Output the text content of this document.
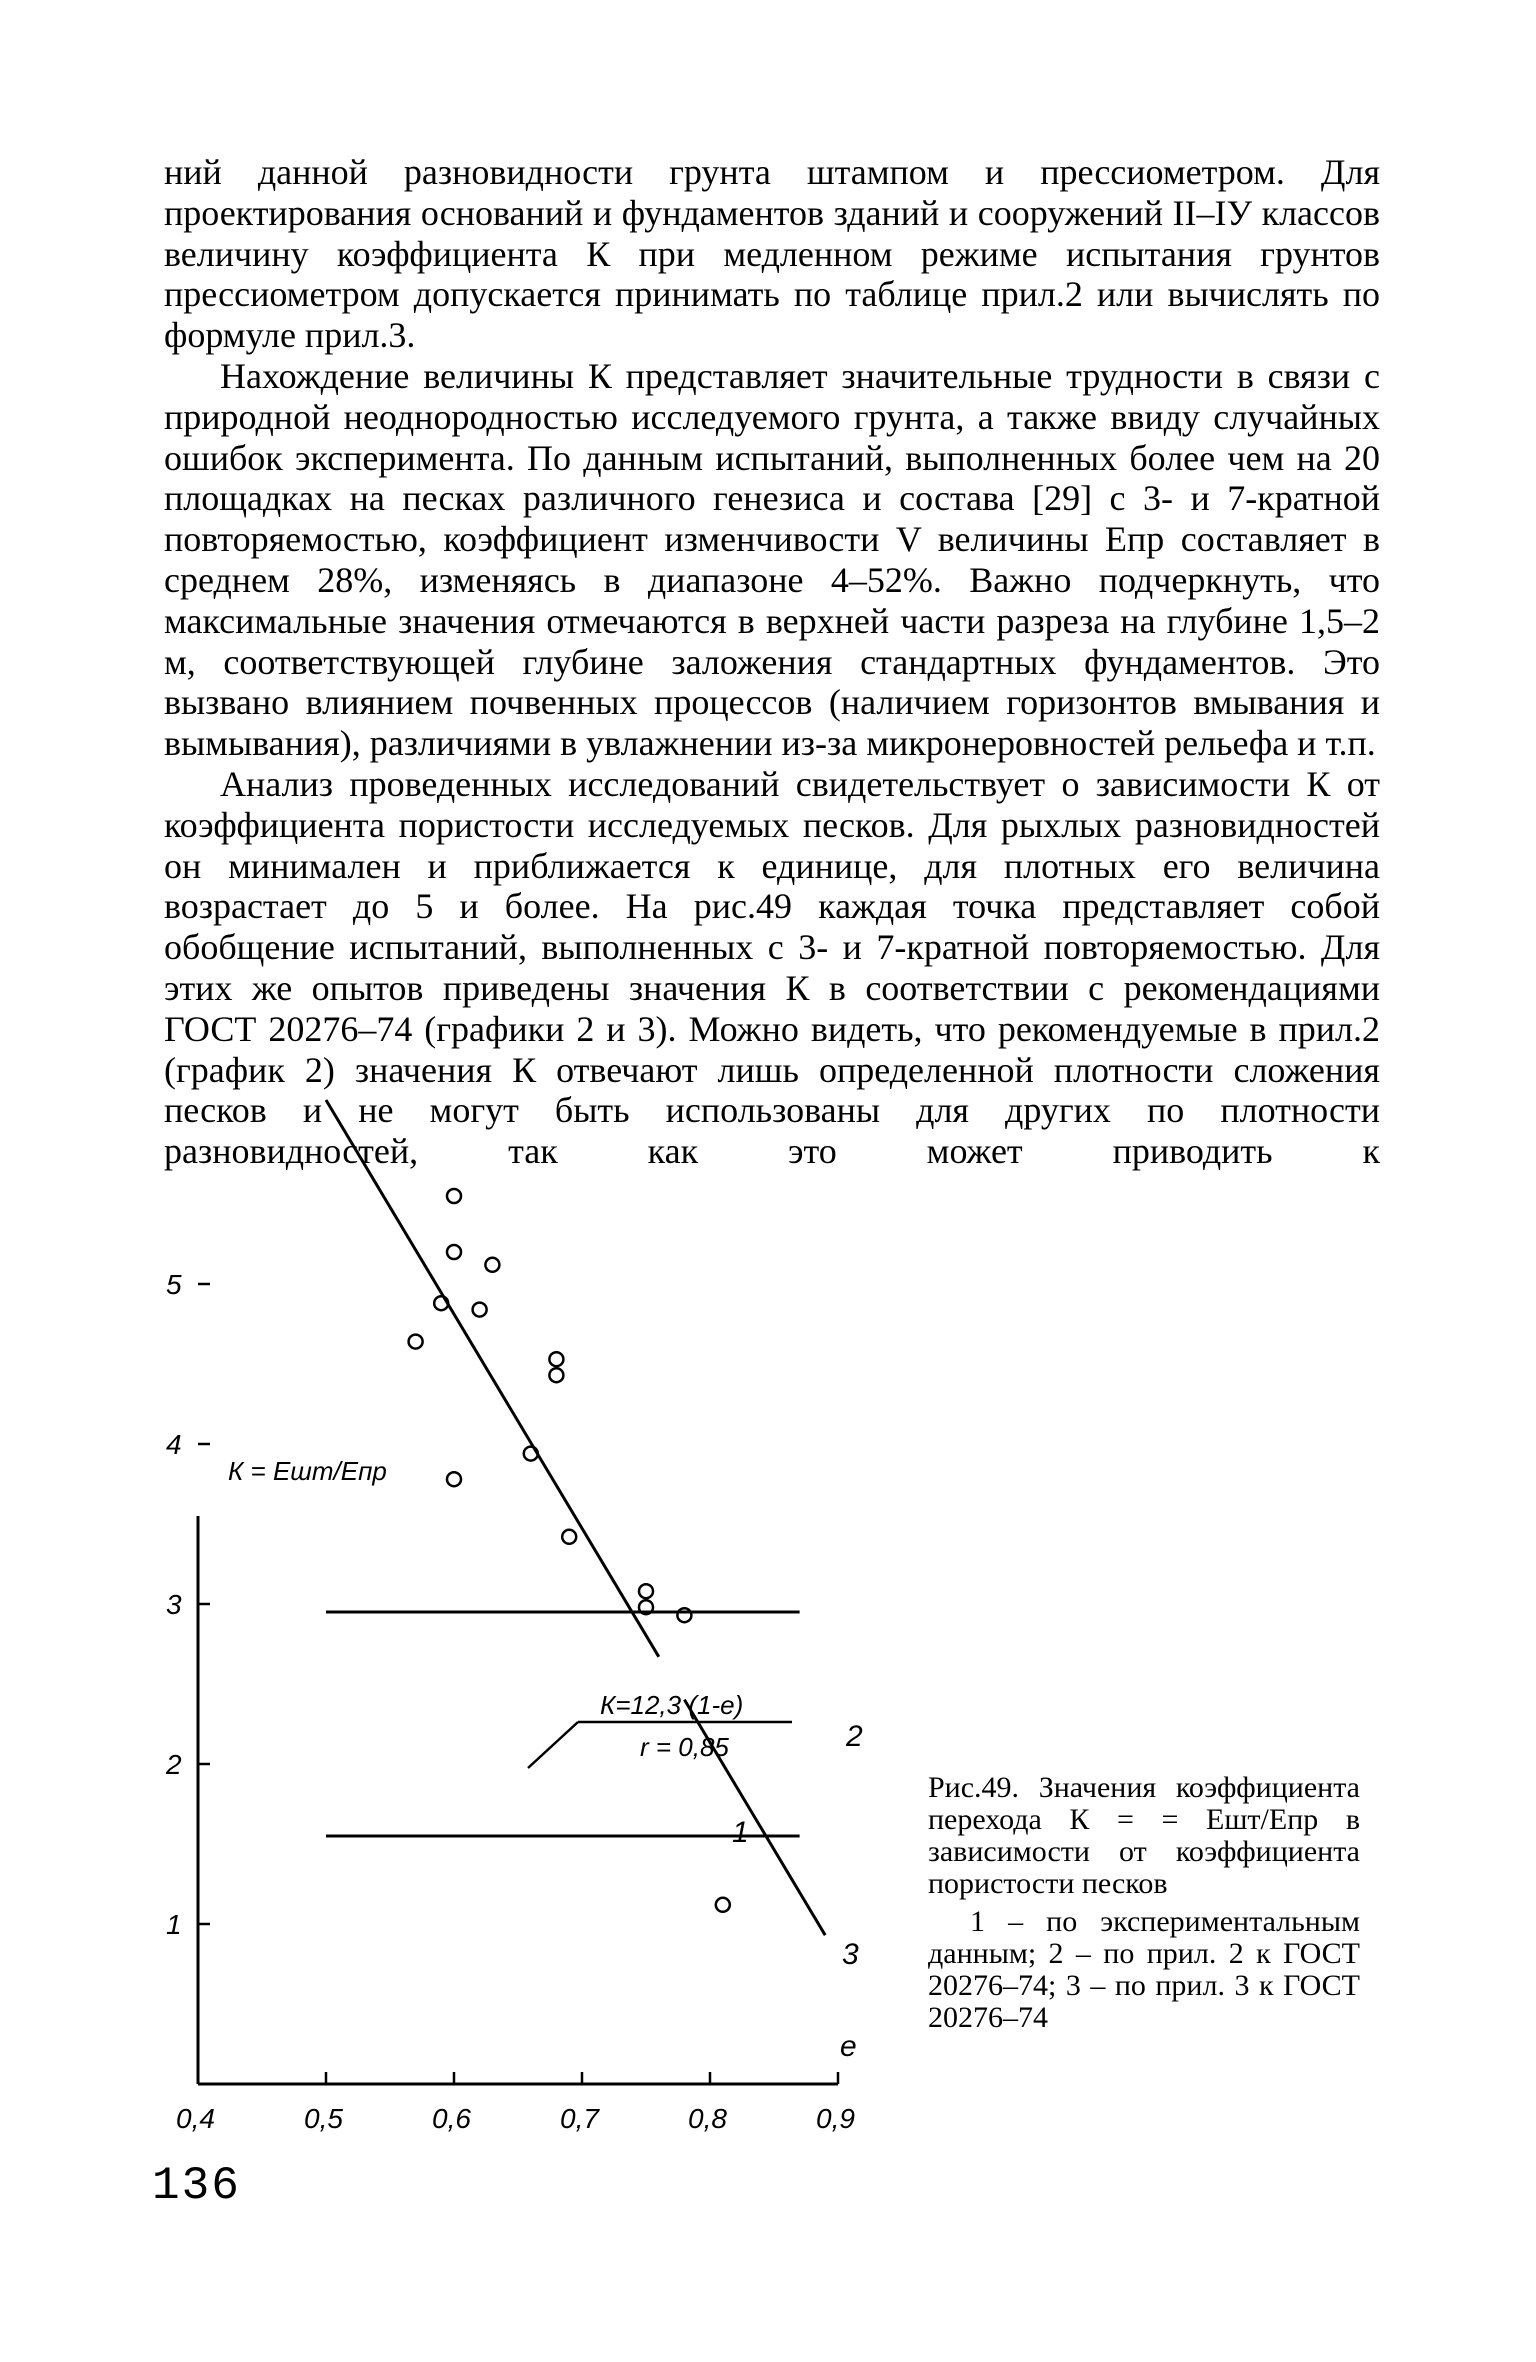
ний данной разновидности грунта штампом и прессиометром. Для проектирования оснований и фундаментов зданий и сооружений II–IУ классов величину коэффициента К при медленном режиме испытания грунтов прессиометром допускается принимать по таблице прил.2 или вычислять по формуле прил.3.

Нахождение величины К представляет значительные трудности в связи с природной неоднородностью исследуемого грунта, а также ввиду случайных ошибок эксперимента. По данным испытаний, выполненных более чем на 20 площадках на песках различного генезиса и состава [29] с 3- и 7-кратной повторяемостью, коэффициент изменчивости V величины Eпр составляет в среднем 28%, изменяясь в диапазоне 4–52%. Важно подчеркнуть, что максимальные значения отмечаются в верхней части разреза на глубине 1,5–2 м, соответствующей глубине заложения стандартных фундаментов. Это вызвано влиянием почвенных процессов (наличием горизонтов вмывания и вымывания), различиями в увлажнении из-за микронеровностей рельефа и т.п.

Анализ проведенных исследований свидетельствует о зависимости К от коэффициента пористости исследуемых песков. Для рыхлых разновидностей он минимален и приближается к единице, для плотных его величина возрастает до 5 и более. На рис.49 каждая точка представляет собой обобщение испытаний, выполненных с 3- и 7-кратной повторяемостью. Для этих же опытов приведены значения К в соответствии с рекомендациями ГОСТ 20276–74 (графики 2 и 3). Можно видеть, что рекомендуемые в прил.2 (график 2) значения К отвечают лишь определенной плотности сложения песков и не могут быть использованы для других по плотности разновидностей, так как это может приводить к

0,4	0,5	0,6	0,7	0,8	0,9
1
2
3
4
5
1
2
3
К = Ешт/Епр
К=12,3 (1-е)
r = 0,85
е

Рис.49. Значения коэффициента перехода К = = Eшт/Eпр в зависимости от коэффициента пористости песков

1 – по экспериментальным данным; 2 – по прил. 2 к ГОСТ 20276–74; 3 – по прил. 3 к ГОСТ 20276–74

136
